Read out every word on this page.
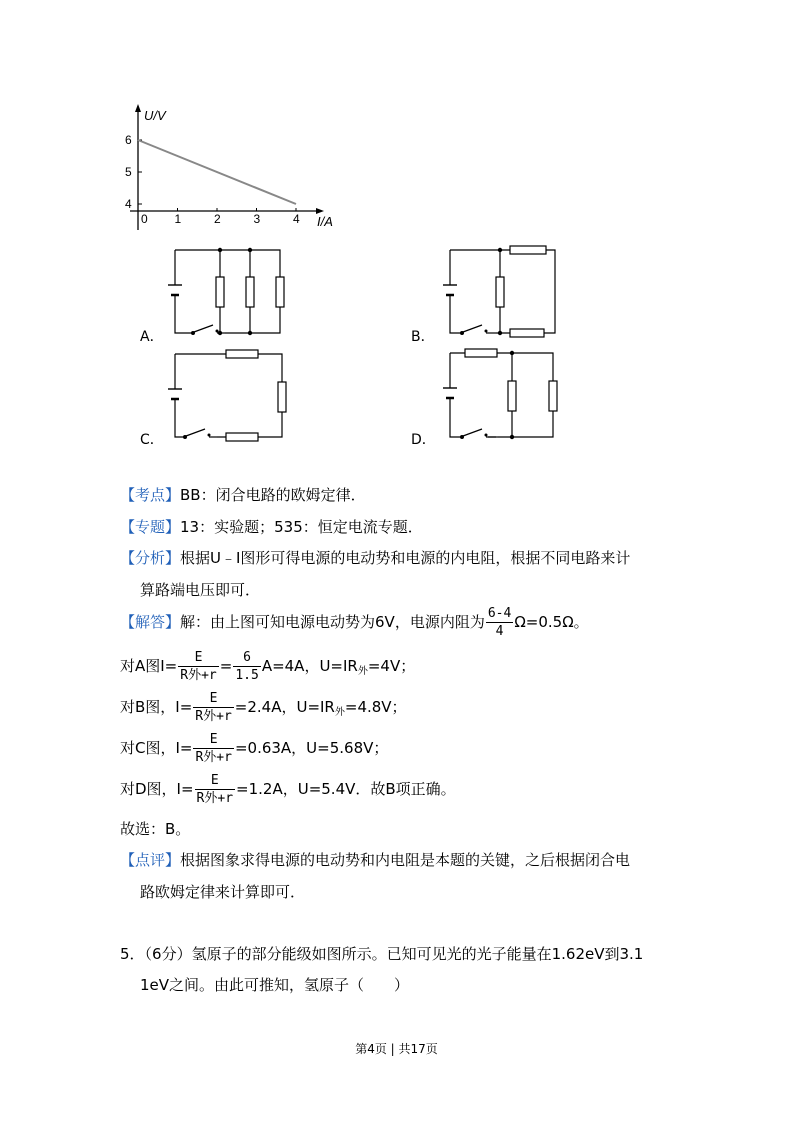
0 1	2	3	4
4
5
6
U/V
I/A
A．	B．
C．	D．
【考点】BB：闭合电路的欧姆定律．
【专题】13：实验题；535：恒定电流专题．
【分析】根据U﹣I图形可得电源的电动势和电源的内电阻，根据不同电路来计
算路端电压即可．
【解答】解：由上图可知电源电动势为6V，电源内阻为 $\frac{6-4}{4} \Omega=0.5\Omega$。
对A图$I= \frac{E}{\text{R外+r}} = \frac{6}{1.5} A=4A$，$U=IR_外=4V$；
对B图，$I= \frac{E}{\text{R外+r}} =2.4A$，$U=IR_外=4.8V$；
对C图，$I= \frac{E}{\text{R外+r}} =0.63A$，U=5.68V；
对D图，$I= \frac{E}{\text{R外+r}} =1.2A$，U=5.4V．故B项正确。
故选：B。
【点评】根据图象求得电源的电动势和内电阻是本题的关键，之后根据闭合电
路欧姆定律来计算即可．
5．（6分）氢原子的部分能级如图所示。已知可见光的光子能量在1.62eV到3.1
1eV之间。由此可推知，氢原子（　　）
第4页 | 共17页
